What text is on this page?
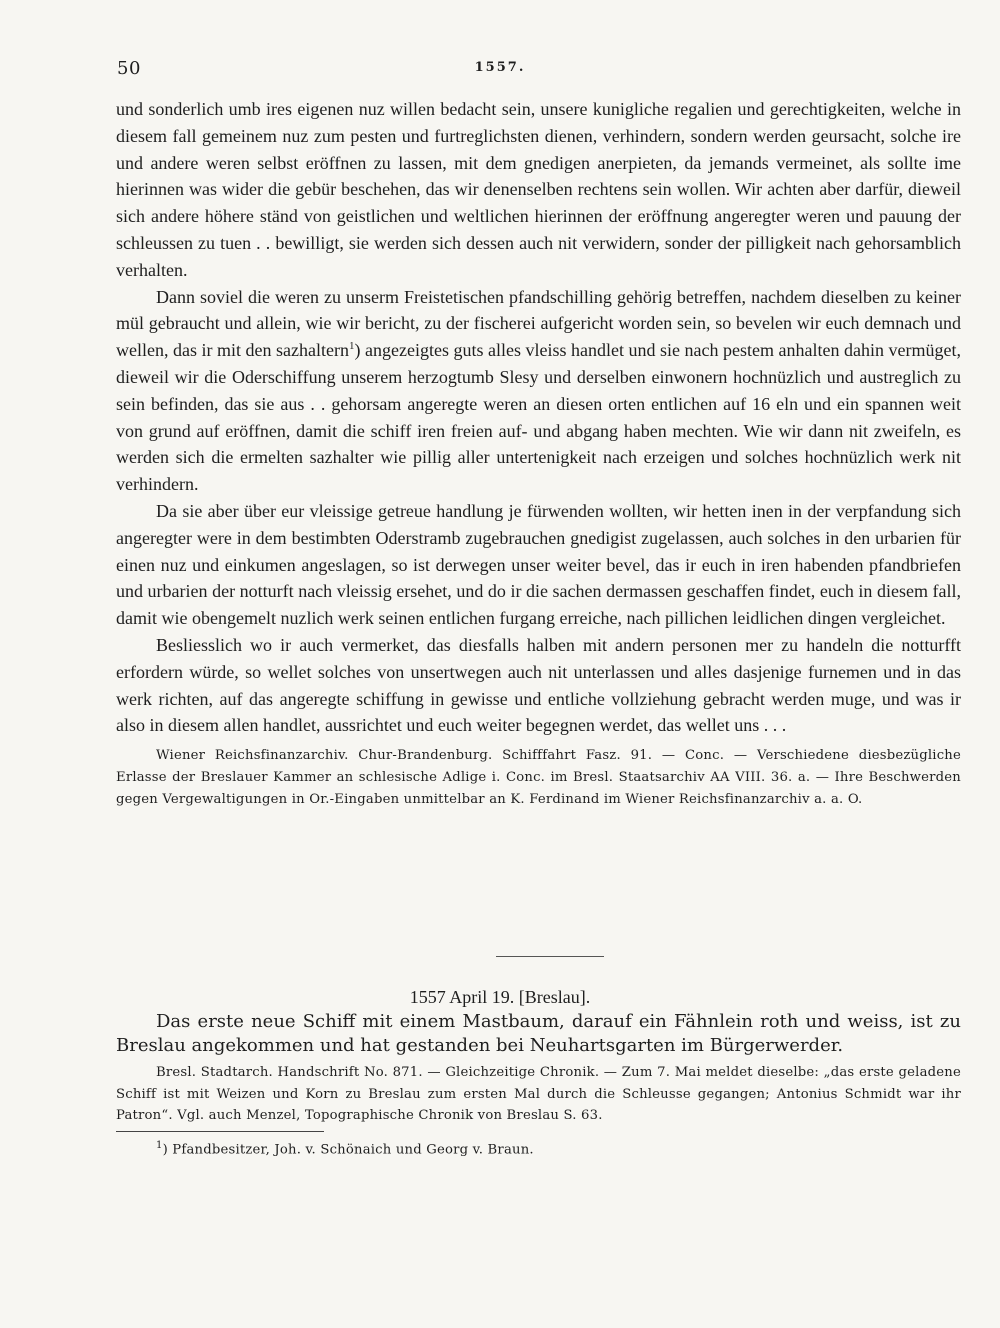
50	1557.

und sonderlich umb ires eigenen nuz willen bedacht sein, unsere kunigliche regalien und gerechtigkeiten, welche in diesem fall gemeinem nuz zum pesten und furtreglichsten dienen, verhindern, sondern werden geursacht, solche ire und andere weren selbst eröffnen zu lassen, mit dem gnedigen anerpieten, da jemands vermeinet, als sollte ime hierinnen was wider die gebür beschehen, das wir denenselben rechtens sein wollen. Wir achten aber darfür, dieweil sich andere höhere ständ von geistlichen und weltlichen hierinnen der eröffnung angeregter weren und pauung der schleussen zu tuen . . bewilligt, sie werden sich dessen auch nit verwidern, sonder der pilligkeit nach gehorsamblich verhalten.

Dann soviel die weren zu unserm Freistetischen pfandschilling gehörig betreffen, nachdem dieselben zu keiner mül gebraucht und allein, wie wir bericht, zu der fischerei aufgericht worden sein, so bevelen wir euch demnach und wellen, das ir mit den sazhaltern$^1$) angezeigtes guts alles vleiss handlet und sie nach pestem anhalten dahin vermüget, dieweil wir die Oderschiffung unserem herzogtumb Slesy und derselben einwonern hochnüzlich und austreglich zu sein befinden, das sie aus . . gehorsam angeregte weren an diesen orten entlichen auf 16 eln und ein spannen weit von grund auf eröffnen, damit die schiff iren freien auf- und abgang haben mechten. Wie wir dann nit zweifeln, es werden sich die ermelten sazhalter wie pillig aller untertenigkeit nach erzeigen und solches hochnüzlich werk nit verhindern.

Da sie aber über eur vleissige getreue handlung je fürwenden wollten, wir hetten inen in der verpfandung sich angeregter were in dem bestimbten Oderstramb zugebrauchen gnedigist zugelassen, auch solches in den urbarien für einen nuz und einkumen angeslagen, so ist derwegen unser weiter bevel, das ir euch in iren habenden pfandbriefen und urbarien der notturft nach vleissig ersehet, und do ir die sachen dermassen geschaffen findet, euch in diesem fall, damit wie obengemelt nuzlich werk seinen entlichen furgang erreiche, nach pillichen leidlichen dingen vergleichet.

Besliesslich wo ir auch vermerket, das diesfalls halben mit andern personen mer zu handeln die notturfft erfordern würde, so wellet solches von unsertwegen auch nit unterlassen und alles dasjenige furnemen und in das werk richten, auf das angeregte schiffung in gewisse und entliche vollziehung gebracht werden muge, und was ir also in diesem allen handlet, aussrichtet und euch weiter begegnen werdet, das wellet uns . . .

Wiener Reichsfinanzarchiv. Chur-Brandenburg. Schifffahrt Fasz. 91. — Conc. — Verschiedene diesbezügliche Erlasse der Breslauer Kammer an schlesische Adlige i. Conc. im Bresl. Staatsarchiv AA VIII. 36. a. — Ihre Beschwerden gegen Vergewaltigungen in Or.-Eingaben unmittelbar an K. Ferdinand im Wiener Reichsfinanzarchiv a. a. O.

1557 April 19. [Breslau].

Das erste neue Schiff mit einem Mastbaum, darauf ein Fähnlein roth und weiss, ist zu Breslau angekommen und hat gestanden bei Neuhartsgarten im Bürgerwerder.

Bresl. Stadtarch. Handschrift No. 871. — Gleichzeitige Chronik. — Zum 7. Mai meldet dieselbe: „das erste geladene Schiff ist mit Weizen und Korn zu Breslau zum ersten Mal durch die Schleusse gegangen; Antonius Schmidt war ihr Patron“. Vgl. auch Menzel, Topographische Chronik von Breslau S. 63.

$^1$) Pfandbesitzer, Joh. v. Schönaich und Georg v. Braun.
